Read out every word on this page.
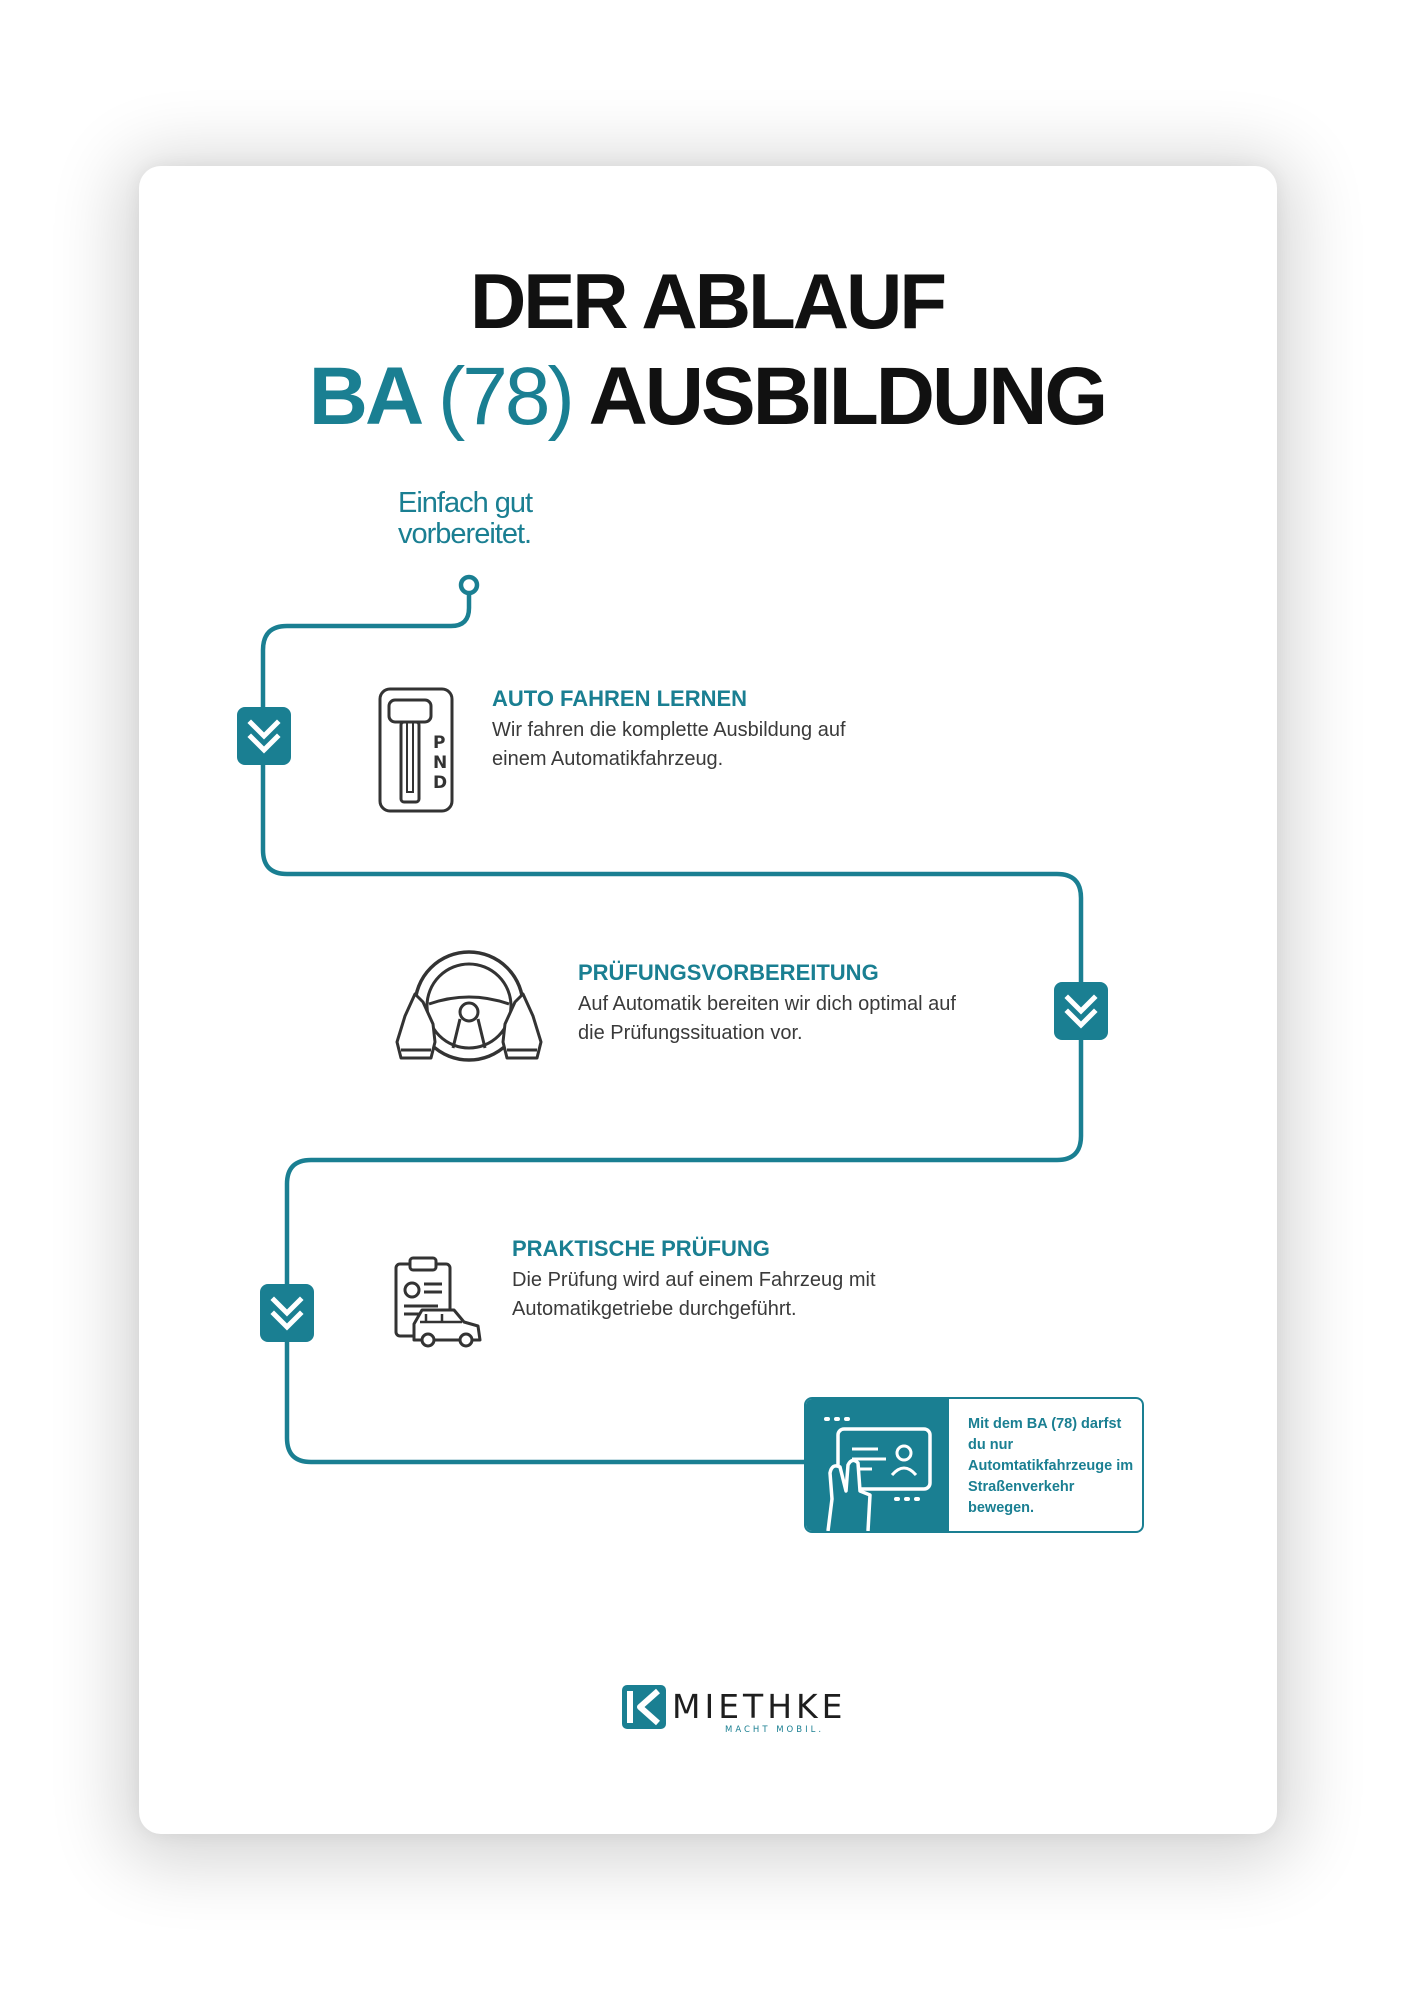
DER ABLAUF
BA (78) AUSBILDUNG
Einfach gut
vorbereitet.
P
N
D
AUTO FAHREN LERNEN
Wir fahren die komplette Ausbildung auf einem Automatikfahrzeug.
PRÜFUNGSVORBEREITUNG
Auf Automatik bereiten wir dich optimal auf die Prüfungssituation vor.
PRAKTISCHE PRÜFUNG
Die Prüfung wird auf einem Fahrzeug mit Automatikgetriebe durchgeführt.
Mit dem BA (78) darfst du nur Automtatikfahrzeuge im Straßenverkehr bewegen.
MIETHKE
MACHT MOBIL.
